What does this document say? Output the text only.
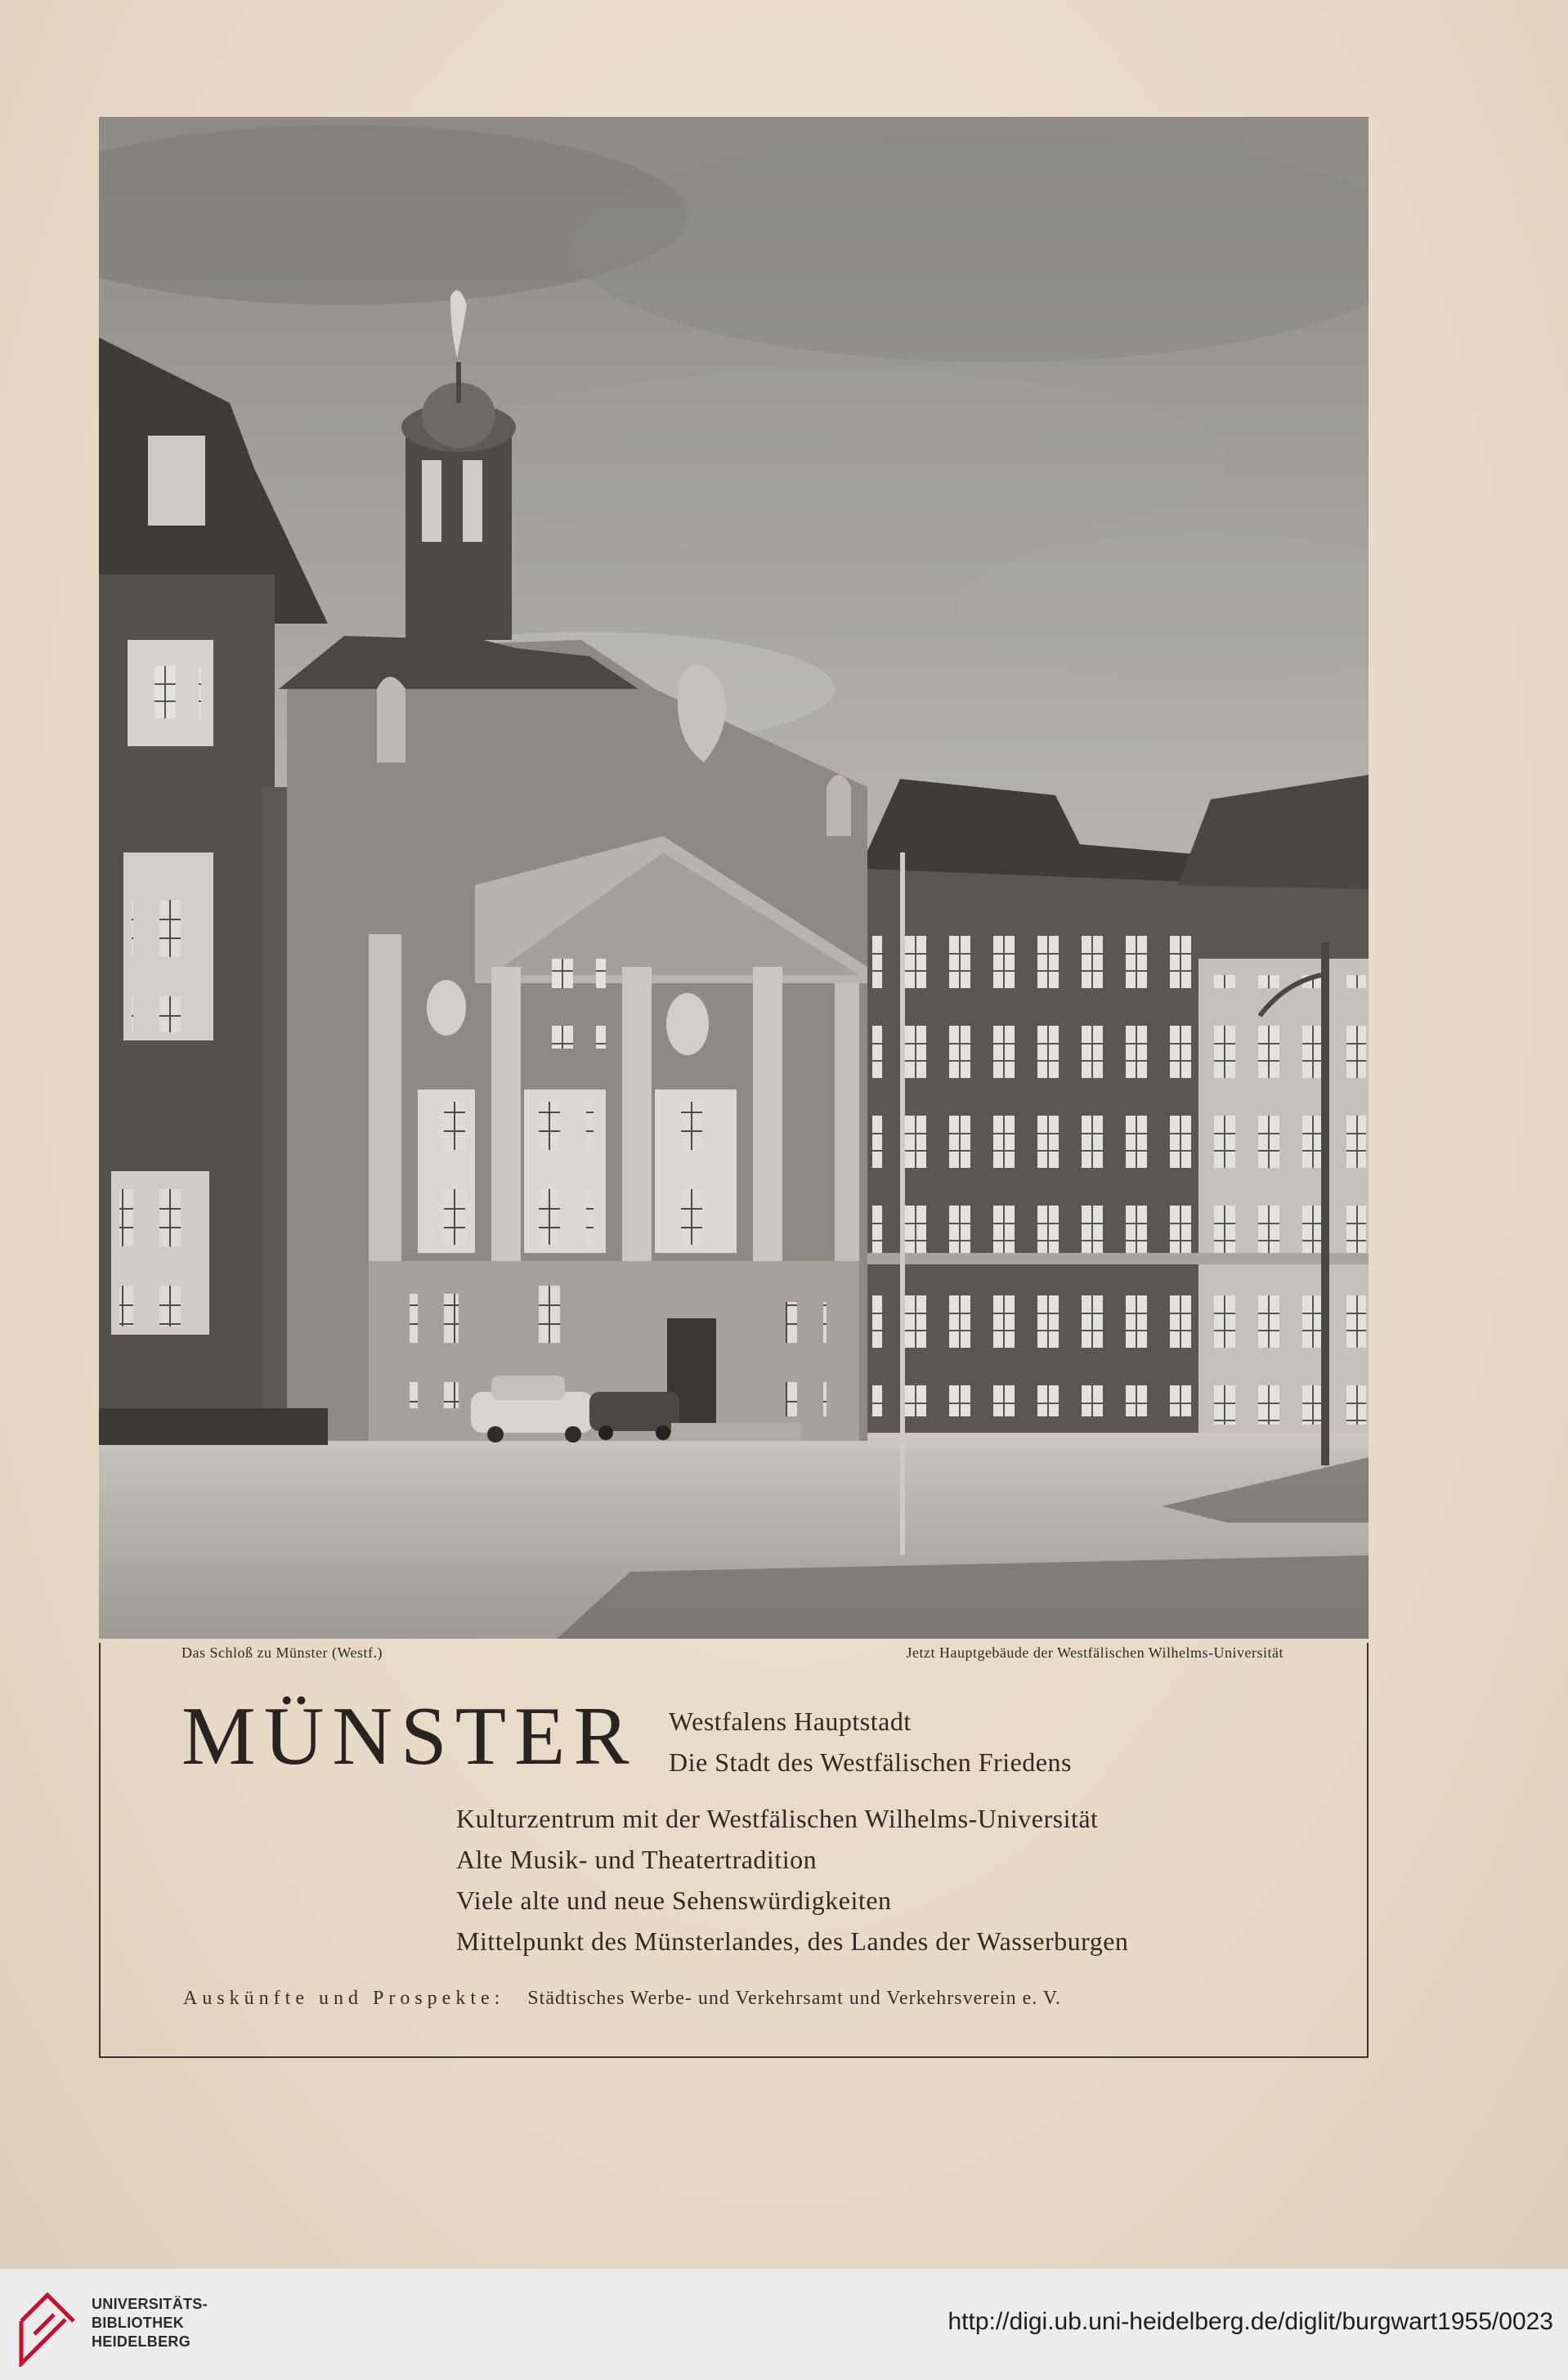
Das Schloß zu Münster (Westf.)	Jetzt Hauptgebäude der Westfälischen Wilhelms-Universität
MÜNSTER Westfalens Hauptstadt
Die Stadt des Westfälischen Friedens
Kulturzentrum mit der Westfälischen Wilhelms-Universität
Alte Musik- und Theatertradition
Viele alte und neue Sehenswürdigkeiten
Mittelpunkt des Münsterlandes, des Landes der Wasserburgen
Auskünfte und Prospekte: Städtisches Werbe- und Verkehrsamt und Verkehrsverein e. V.
UNIVERSITÄTS-
BIBLIOTHEK
HEIDELBERG
http://digi.ub.uni-heidelberg.de/diglit/burgwart1955/0023
